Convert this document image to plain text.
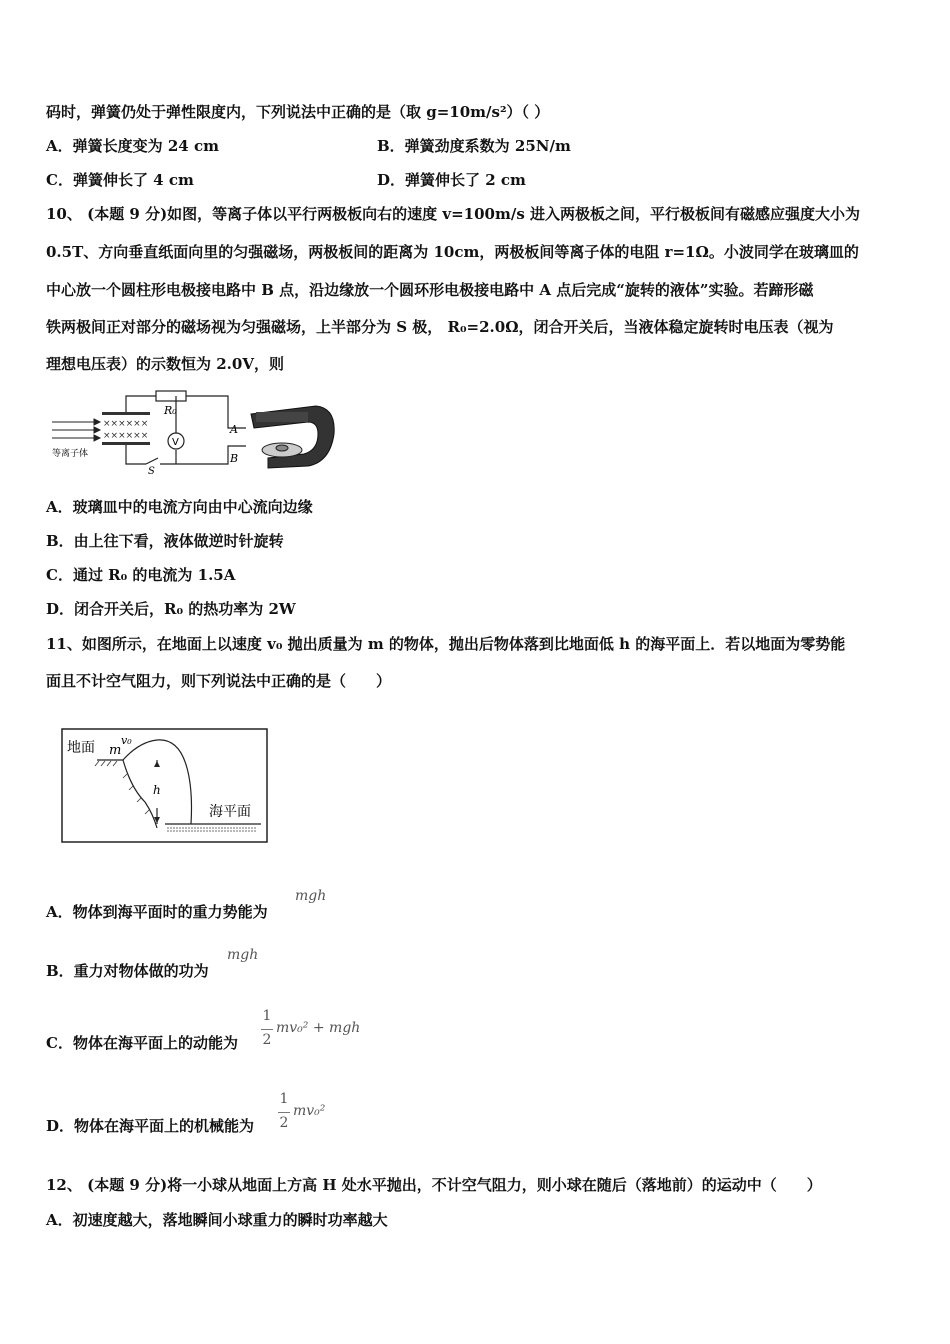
码时，弹簧仍处于弹性限度内，下列说法中正确的是（取 g=10m/s²）（ ）
A．弹簧长度变为 24 cm	B．弹簧劲度系数为 25N/m
C．弹簧伸长了 4 cm	D．弹簧伸长了 2 cm
10、 (本题 9 分)如图，等离子体以平行两极板向右的速度 v=100m/s 进入两极板之间，平行极板间有磁感应强度大小为
0.5T、方向垂直纸面向里的匀强磁场，两极板间的距离为 10cm，两极板间等离子体的电阻 r=1Ω。小波同学在玻璃皿的
中心放一个圆柱形电极接电路中 B 点，沿边缘放一个圆环形电极接电路中 A 点后完成“旋转的液体”实验。若蹄形磁
铁两极间正对部分的磁场视为匀强磁场，上半部分为 S 极， R₀=2.0Ω，闭合开关后，当液体稳定旋转时电压表（视为
理想电压表）的示数恒为 2.0V，则
××××××
××××××
V
R₀
A
B
S
等离子体
A．玻璃皿中的电流方向由中心流向边缘
B．由上往下看，液体做逆时针旋转
C．通过 R₀ 的电流为 1.5A
D．闭合开关后，R₀ 的热功率为 2W
11、如图所示，在地面上以速度 v₀ 抛出质量为 m 的物体，抛出后物体落到比地面低 h 的海平面上．若以地面为零势能
面且不计空气阻力，则下列说法中正确的是（　　）
地面 v₀
m
h
海平面
A．物体到海平面时的重力势能为
mgh
B．重力对物体做的功为
mgh
C．物体在海平面上的动能为
1
2
mv₀² + mgh
D．物体在海平面上的机械能为
1
2
mv₀²
12、 (本题 9 分)将一小球从地面上方高 H 处水平抛出，不计空气阻力，则小球在随后（落地前）的运动中（　　）
A．初速度越大，落地瞬间小球重力的瞬时功率越大
